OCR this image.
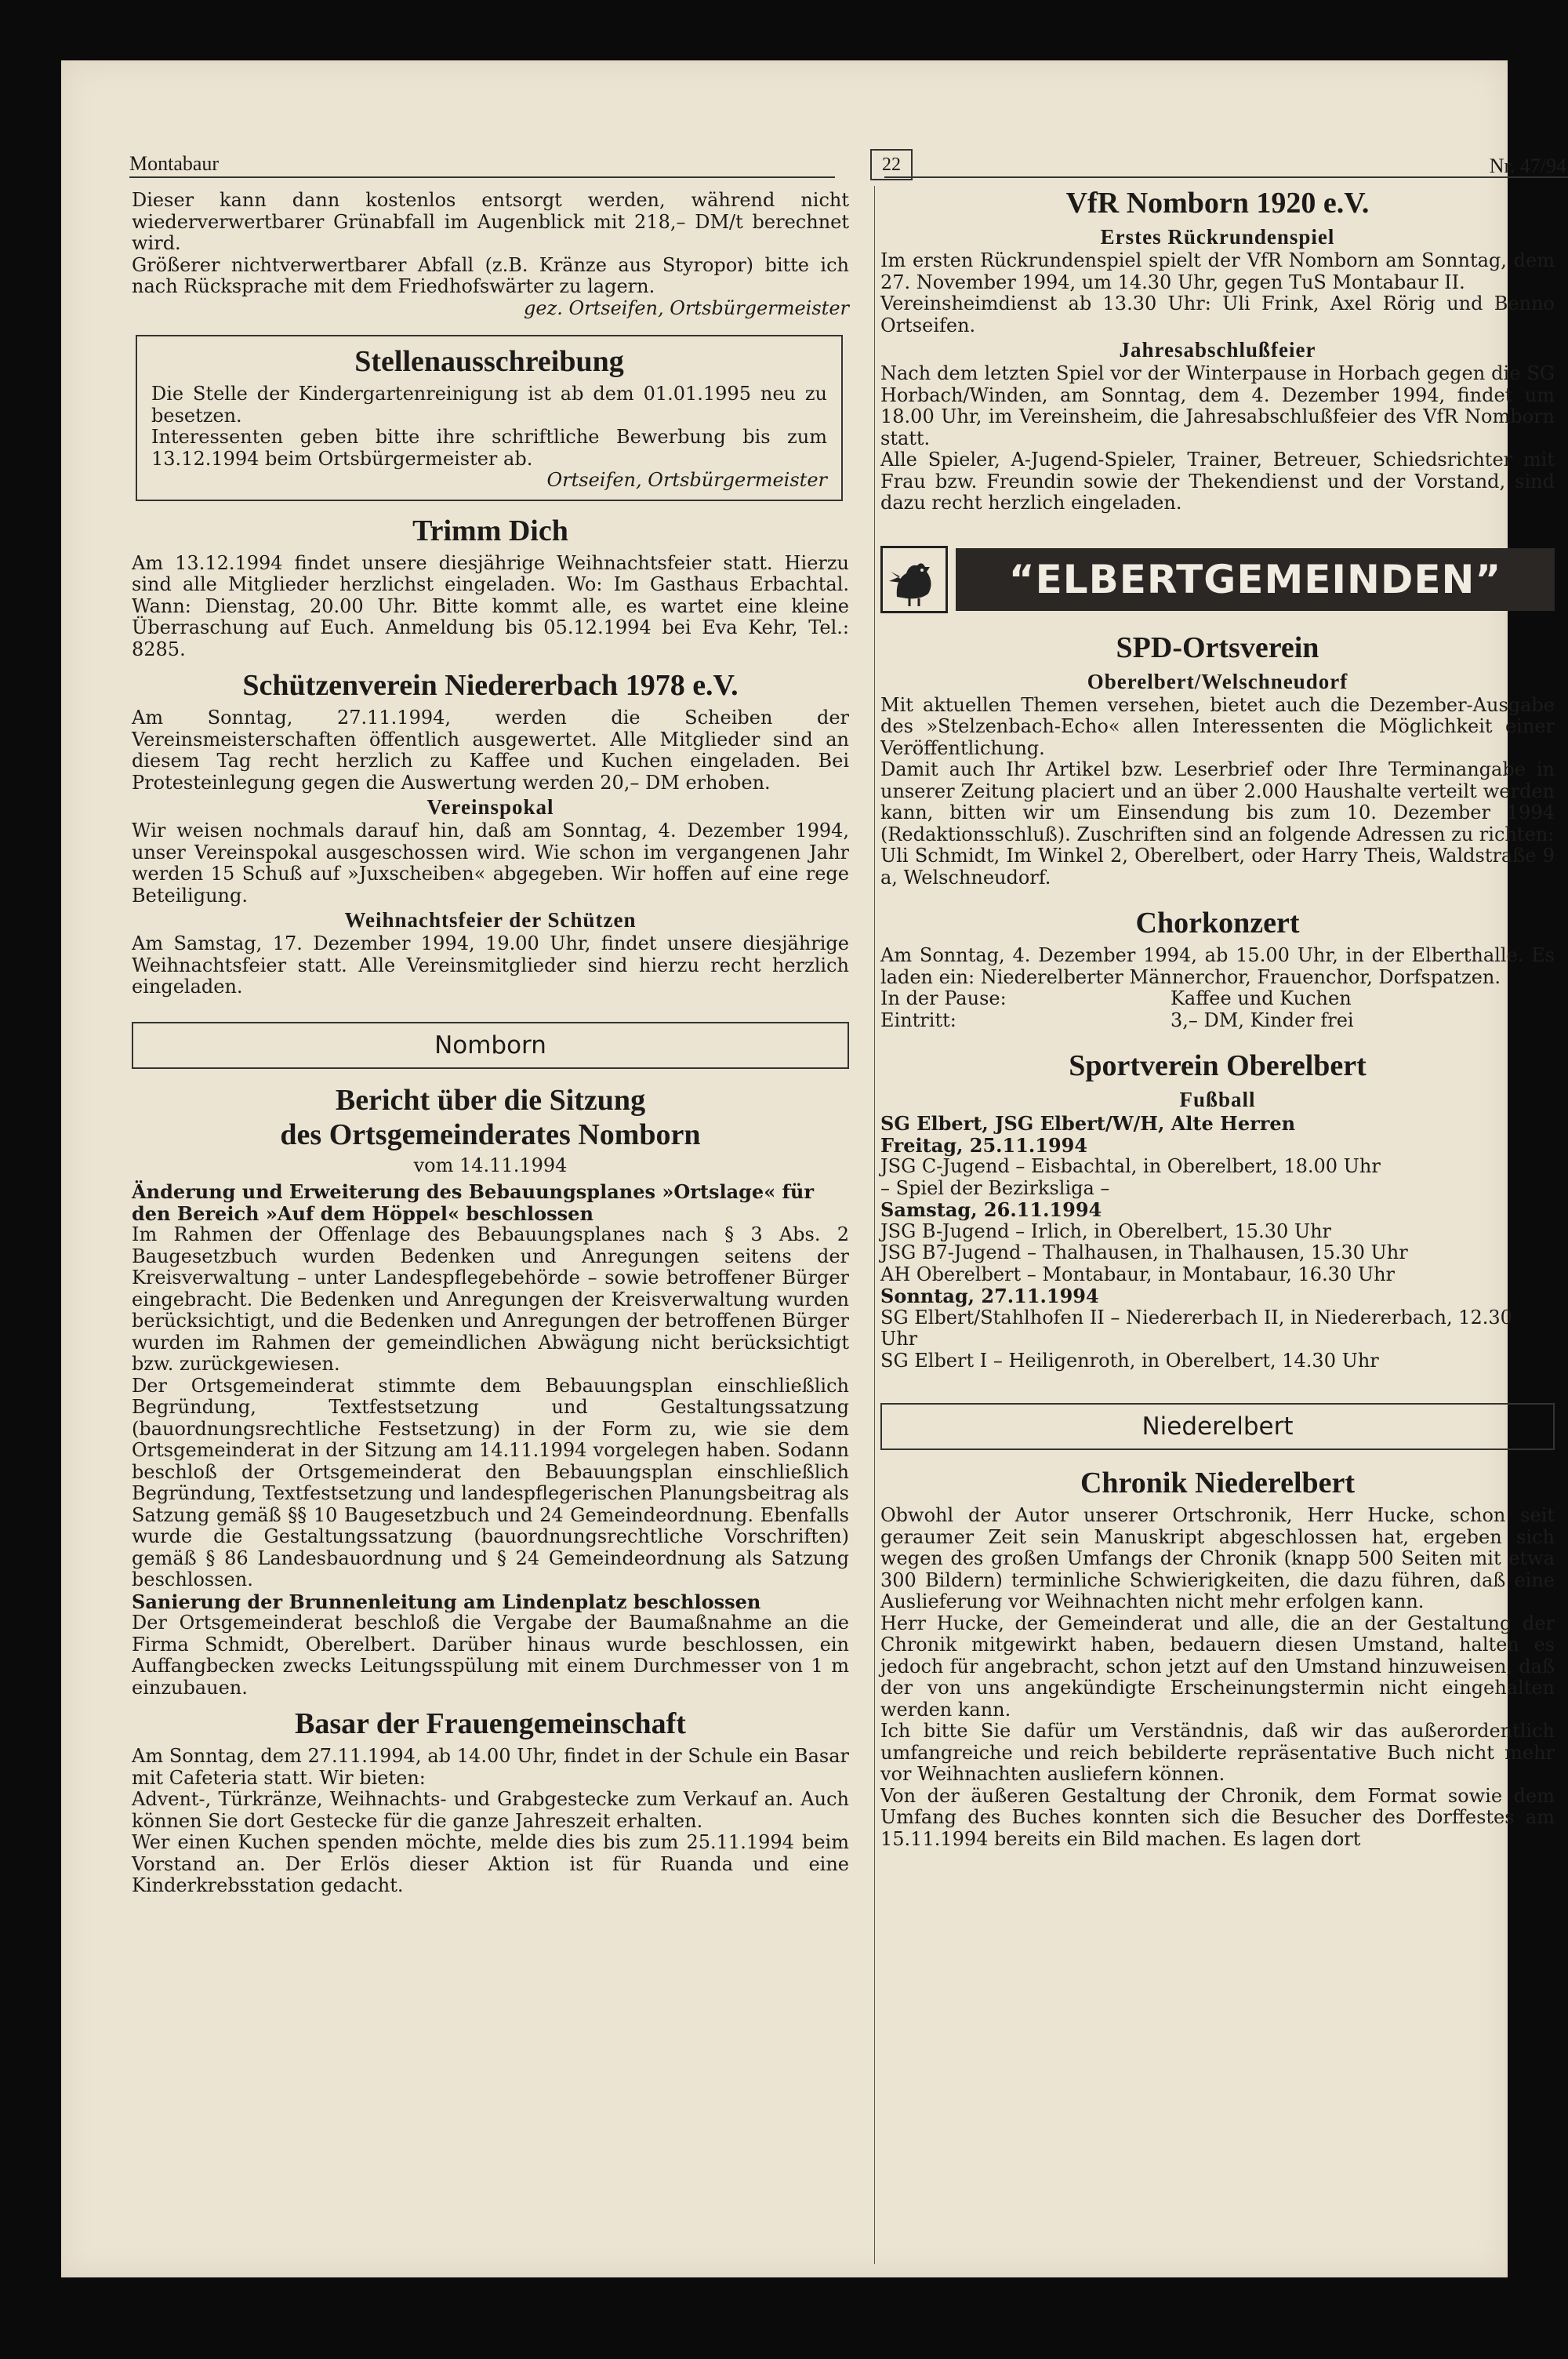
Montabaur	22	Nr. 47/94

Dieser kann dann kostenlos entsorgt werden, während nicht wiederverwertbarer Grünabfall im Augenblick mit 218,– DM/t berechnet wird.

Größerer nichtverwertbarer Abfall (z.B. Kränze aus Styropor) bitte ich nach Rücksprache mit dem Friedhofswärter zu lagern.

gez. Ortseifen, Ortsbürgermeister

Stellenausschreibung

Die Stelle der Kindergartenreinigung ist ab dem 01.01.1995 neu zu besetzen.

Interessenten geben bitte ihre schriftliche Bewerbung bis zum 13.12.1994 beim Ortsbürgermeister ab.

Ortseifen, Ortsbürgermeister

Trimm Dich

Am 13.12.1994 findet unsere diesjährige Weihnachtsfeier statt. Hierzu sind alle Mitglieder herzlichst eingeladen. Wo: Im Gasthaus Erbachtal. Wann: Dienstag, 20.00 Uhr. Bitte kommt alle, es wartet eine kleine Überraschung auf Euch. Anmeldung bis 05.12.1994 bei Eva Kehr, Tel.: 8285.

Schützenverein Niedererbach 1978 e.V.

Am Sonntag, 27.11.1994, werden die Scheiben der Vereinsmeisterschaften öffentlich ausgewertet. Alle Mitglieder sind an diesem Tag recht herzlich zu Kaffee und Kuchen eingeladen. Bei Protesteinlegung gegen die Auswertung werden 20,– DM erhoben.

Vereinspokal

Wir weisen nochmals darauf hin, daß am Sonntag, 4. Dezember 1994, unser Vereinspokal ausgeschossen wird. Wie schon im vergangenen Jahr werden 15 Schuß auf »Juxscheiben« abgegeben. Wir hoffen auf eine rege Beteiligung.

Weihnachtsfeier der Schützen

Am Samstag, 17. Dezember 1994, 19.00 Uhr, findet unsere diesjährige Weihnachtsfeier statt. Alle Vereinsmitglieder sind hierzu recht herzlich eingeladen.

Nomborn
Bericht über die Sitzung
des Ortsgemeinderates Nomborn
vom 14.11.1994
Änderung und Erweiterung des Bebauungsplanes »Ortslage« für den Bereich »Auf dem Höppel« beschlossen

Im Rahmen der Offenlage des Bebauungsplanes nach § 3 Abs. 2 Baugesetzbuch wurden Bedenken und Anregungen seitens der Kreisverwaltung – unter Landespflegebehörde – sowie betroffener Bürger eingebracht. Die Bedenken und Anregungen der Kreisverwaltung wurden berücksichtigt, und die Bedenken und Anregungen der betroffenen Bürger wurden im Rahmen der gemeindlichen Abwägung nicht berücksichtigt bzw. zurückgewiesen.

Der Ortsgemeinderat stimmte dem Bebauungsplan einschließlich Begründung, Textfestsetzung und Gestaltungssatzung (bauordnungsrechtliche Festsetzung) in der Form zu, wie sie dem Ortsgemeinderat in der Sitzung am 14.11.1994 vorgelegen haben. Sodann beschloß der Ortsgemeinderat den Bebauungsplan einschließlich Begründung, Textfestsetzung und landespflegerischen Planungsbeitrag als Satzung gemäß §§ 10 Baugesetzbuch und 24 Gemeindeordnung. Ebenfalls wurde die Gestaltungssatzung (bauordnungsrechtliche Vorschriften) gemäß § 86 Landesbauordnung und § 24 Gemeindeordnung als Satzung beschlossen.

Sanierung der Brunnenleitung am Lindenplatz beschlossen

Der Ortsgemeinderat beschloß die Vergabe der Baumaßnahme an die Firma Schmidt, Oberelbert. Darüber hinaus wurde beschlossen, ein Auffangbecken zwecks Leitungsspülung mit einem Durchmesser von 1 m einzubauen.

Basar der Frauengemeinschaft

Am Sonntag, dem 27.11.1994, ab 14.00 Uhr, findet in der Schule ein Basar mit Cafeteria statt. Wir bieten:

Advent-, Türkränze, Weihnachts- und Grabgestecke zum Verkauf an. Auch können Sie dort Gestecke für die ganze Jahreszeit erhalten.

Wer einen Kuchen spenden möchte, melde dies bis zum 25.11.1994 beim Vorstand an. Der Erlös dieser Aktion ist für Ruanda und eine Kinderkrebsstation gedacht.

VfR Nomborn 1920 e.V.
Erstes Rückrundenspiel

Im ersten Rückrundenspiel spielt der VfR Nomborn am Sonntag, dem 27. November 1994, um 14.30 Uhr, gegen TuS Montabaur II.

Vereinsheimdienst ab 13.30 Uhr: Uli Frink, Axel Rörig und Benno Ortseifen.

Jahresabschlußfeier

Nach dem letzten Spiel vor der Winterpause in Horbach gegen die SG Horbach/Winden, am Sonntag, dem 4. Dezember 1994, findet um 18.00 Uhr, im Vereinsheim, die Jahresabschlußfeier des VfR Nomborn statt.

Alle Spieler, A-Jugend-Spieler, Trainer, Betreuer, Schiedsrichter mit Frau bzw. Freundin sowie der Thekendienst und der Vorstand, sind dazu recht herzlich eingeladen.

“ELBERTGEMEINDEN”
SPD-Ortsverein
Oberelbert/Welschneudorf

Mit aktuellen Themen versehen, bietet auch die Dezember-Ausgabe des »Stelzenbach-Echo« allen Interessenten die Möglichkeit einer Veröffentlichung.

Damit auch Ihr Artikel bzw. Leserbrief oder Ihre Terminangabe in unserer Zeitung placiert und an über 2.000 Haushalte verteilt werden kann, bitten wir um Einsendung bis zum 10. Dezember 1994 (Redaktionsschluß). Zuschriften sind an folgende Adressen zu richten:

Uli Schmidt, Im Winkel 2, Oberelbert, oder Harry Theis, Waldstraße 9 a, Welschneudorf.

Chorkonzert

Am Sonntag, 4. Dezember 1994, ab 15.00 Uhr, in der Elberthalle. Es laden ein: Niederelberter Männerchor, Frauenchor, Dorfspatzen.

In der Pause:	Kaffee und Kuchen
Eintritt:	3,– DM, Kinder frei
Sportverein Oberelbert
Fußball
SG Elbert, JSG Elbert/W/H, Alte Herren
Freitag, 25.11.1994
JSG C-Jugend – Eisbachtal, in Oberelbert, 18.00 Uhr
– Spiel der Bezirksliga –
Samstag, 26.11.1994
JSG B-Jugend – Irlich, in Oberelbert, 15.30 Uhr
JSG B7-Jugend – Thalhausen, in Thalhausen, 15.30 Uhr
AH Oberelbert – Montabaur, in Montabaur, 16.30 Uhr
Sonntag, 27.11.1994
SG Elbert/Stahlhofen II – Niedererbach II, in Niedererbach, 12.30 Uhr
SG Elbert I – Heiligenroth, in Oberelbert, 14.30 Uhr
Niederelbert
Chronik Niederelbert

Obwohl der Autor unserer Ortschronik, Herr Hucke, schon seit geraumer Zeit sein Manuskript abgeschlossen hat, ergeben sich wegen des großen Umfangs der Chronik (knapp 500 Seiten mit etwa 300 Bildern) terminliche Schwierigkeiten, die dazu führen, daß eine Auslieferung vor Weihnachten nicht mehr erfolgen kann.

Herr Hucke, der Gemeinderat und alle, die an der Gestaltung der Chronik mitgewirkt haben, bedauern diesen Umstand, halten es jedoch für angebracht, schon jetzt auf den Umstand hinzuweisen, daß der von uns angekündigte Erscheinungstermin nicht eingehalten werden kann.

Ich bitte Sie dafür um Verständnis, daß wir das außerordentlich umfangreiche und reich bebilderte repräsentative Buch nicht mehr vor Weihnachten ausliefern können.

Von der äußeren Gestaltung der Chronik, dem Format sowie dem Umfang des Buches konnten sich die Besucher des Dorffestes am 15.11.1994 bereits ein Bild machen. Es lagen dort
